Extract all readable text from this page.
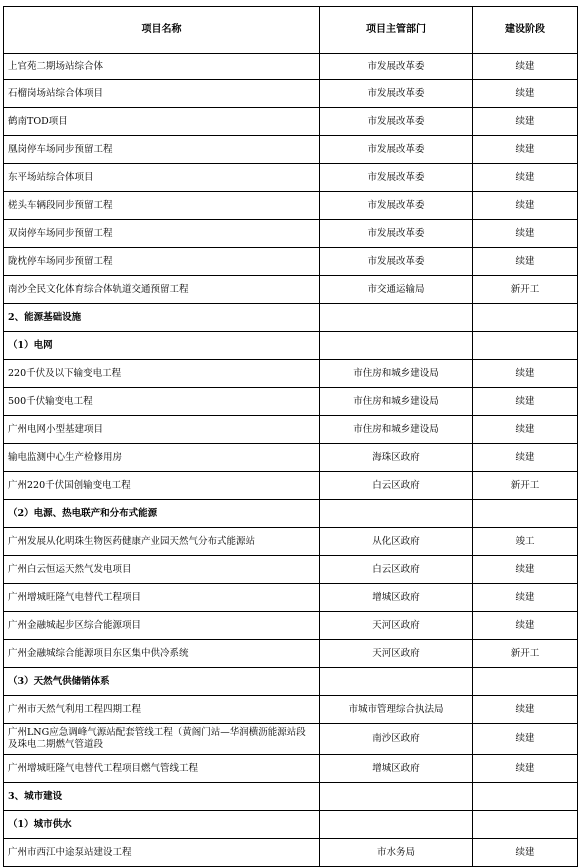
项目名称	项目主管部门	建设阶段
上官苑二期场站综合体	市发展改革委	续建
石榴岗场站综合体项目	市发展改革委	续建
鹤南TOD项目	市发展改革委	续建
凰岗停车场同步预留工程	市发展改革委	续建
东平场站综合体项目	市发展改革委	续建
槎头车辆段同步预留工程	市发展改革委	续建
双岗停车场同步预留工程	市发展改革委	续建
陇枕停车场同步预留工程	市发展改革委	续建
南沙全民文化体育综合体轨道交通预留工程	市交通运输局	新开工
2、能源基础设施		
（1）电网		
220千伏及以下输变电工程	市住房和城乡建设局	续建
500千伏输变电工程	市住房和城乡建设局	续建
广州电网小型基建项目	市住房和城乡建设局	续建
输电监测中心生产检修用房	海珠区政府	续建
广州220千伏国创输变电工程	白云区政府	新开工
（2）电源、热电联产和分布式能源		
广州发展从化明珠生物医药健康产业园天然气分布式能源站	从化区政府	竣工
广州白云恒运天然气发电项目	白云区政府	续建
广州增城旺隆气电替代工程项目	增城区政府	续建
广州金融城起步区综合能源项目	天河区政府	续建
广州金融城综合能源项目东区集中供冷系统	天河区政府	新开工
（3）天然气供储销体系		
广州市天然气利用工程四期工程	市城市管理综合执法局	续建
广州LNG应急调峰气源站配套管线工程（黄阁门站—华润横沥能源站段及珠电二期燃气管道段	南沙区政府	续建
广州增城旺隆气电替代工程项目燃气管线工程	增城区政府	续建
3、城市建设		
（1）城市供水		
广州市西江中途泵站建设工程	市水务局	续建
